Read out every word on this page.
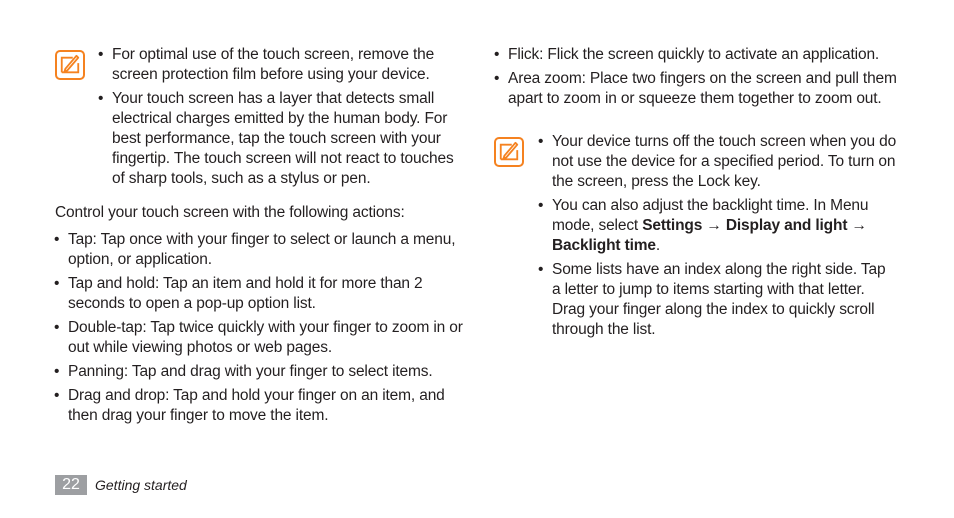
• For optimal use of the touch screen, remove the screen protection film before using your device.
• Your touch screen has a layer that detects small electrical charges emitted by the human body. For best performance, tap the touch screen with your fingertip. The touch screen will not react to touches of sharp tools, such as a stylus or pen.
Control your touch screen with the following actions:
• Tap: Tap once with your finger to select or launch a menu, option, or application.
• Tap and hold: Tap an item and hold it for more than 2 seconds to open a pop-up option list.
• Double-tap: Tap twice quickly with your finger to zoom in or out while viewing photos or web pages.
• Panning: Tap and drag with your finger to select items.
• Drag and drop: Tap and hold your finger on an item, and then drag your finger to move the item.
• Flick: Flick the screen quickly to activate an application.
• Area zoom: Place two fingers on the screen and pull them apart to zoom in or squeeze them together to zoom out.
• Your device turns off the touch screen when you do not use the device for a specified period. To turn on the screen, press the Lock key.
• You can also adjust the backlight time. In Menu mode, select Settings → Display and light → Backlight time.
• Some lists have an index along the right side. Tap a letter to jump to items starting with that letter. Drag your finger along the index to quickly scroll through the list.
22	Getting started
